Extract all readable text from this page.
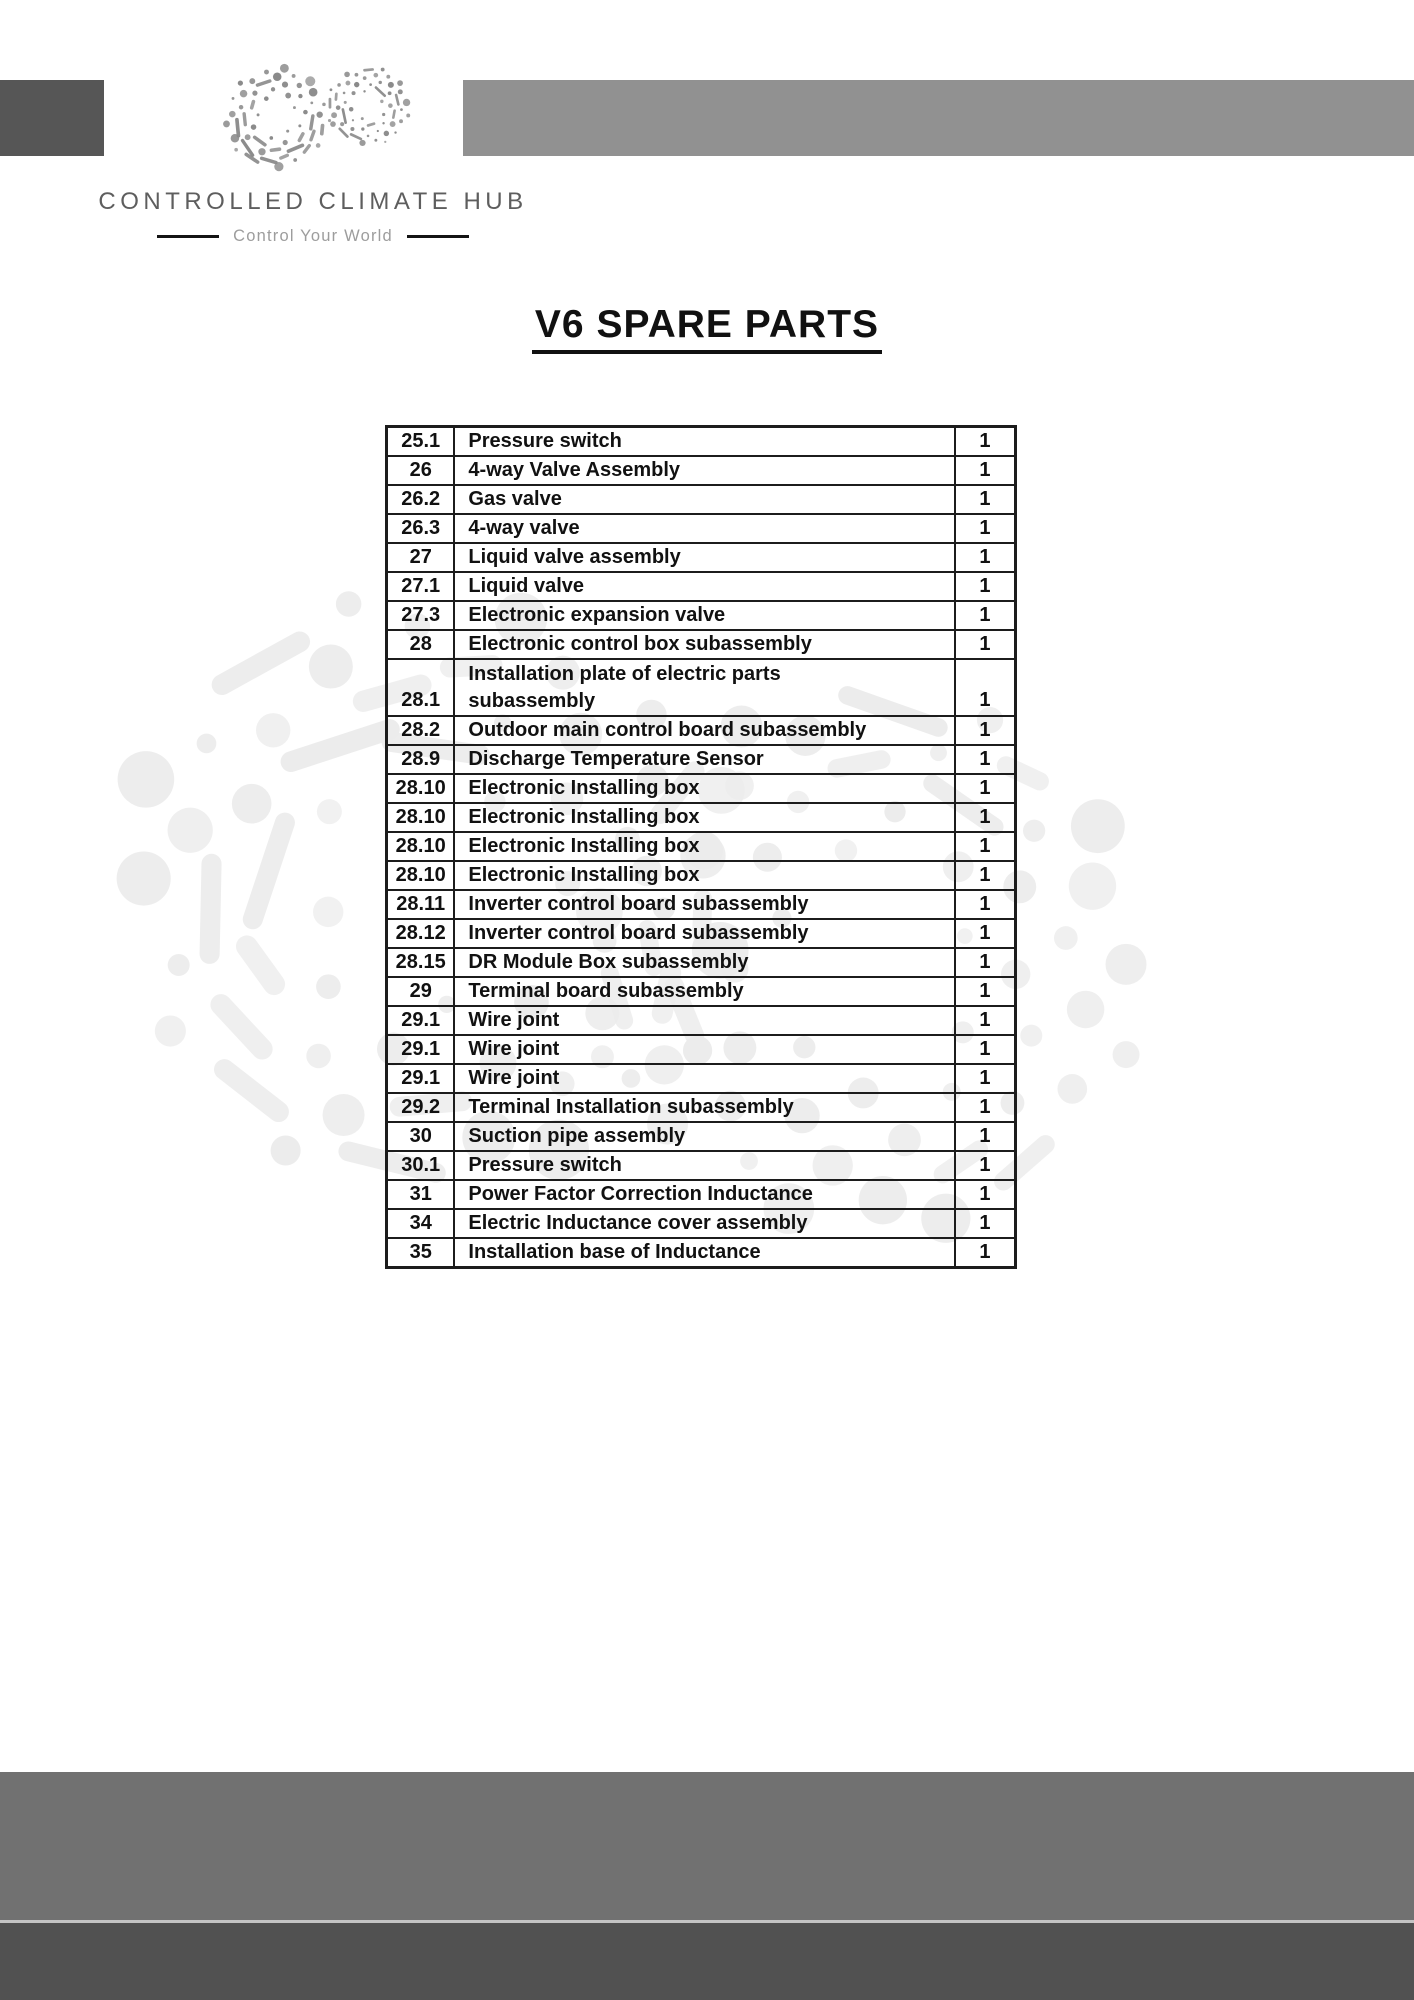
CONTROLLED CLIMATE HUB
Control Your World
V6 SPARE PARTS
25.1	Pressure switch	1
26	4-way Valve Assembly	1
26.2	Gas valve	1
26.3	4-way valve	1
27	Liquid valve assembly	1
27.1	Liquid valve	1
27.3	Electronic expansion valve	1
28	Electronic control box subassembly	1
28.1	Installation plate of electric parts
subassembly	1
28.2	Outdoor main control board subassembly	1
28.9	Discharge Temperature Sensor	1
28.10	Electronic Installing box	1
28.10	Electronic Installing box	1
28.10	Electronic Installing box	1
28.10	Electronic Installing box	1
28.11	Inverter control board subassembly	1
28.12	Inverter control board subassembly	1
28.15	DR Module Box subassembly	1
29	Terminal board subassembly	1
29.1	Wire joint	1
29.1	Wire joint	1
29.1	Wire joint	1
29.2	Terminal Installation subassembly	1
30	Suction pipe assembly	1
30.1	Pressure switch	1
31	Power Factor Correction Inductance	1
34	Electric Inductance cover assembly	1
35	Installation base of Inductance	1
